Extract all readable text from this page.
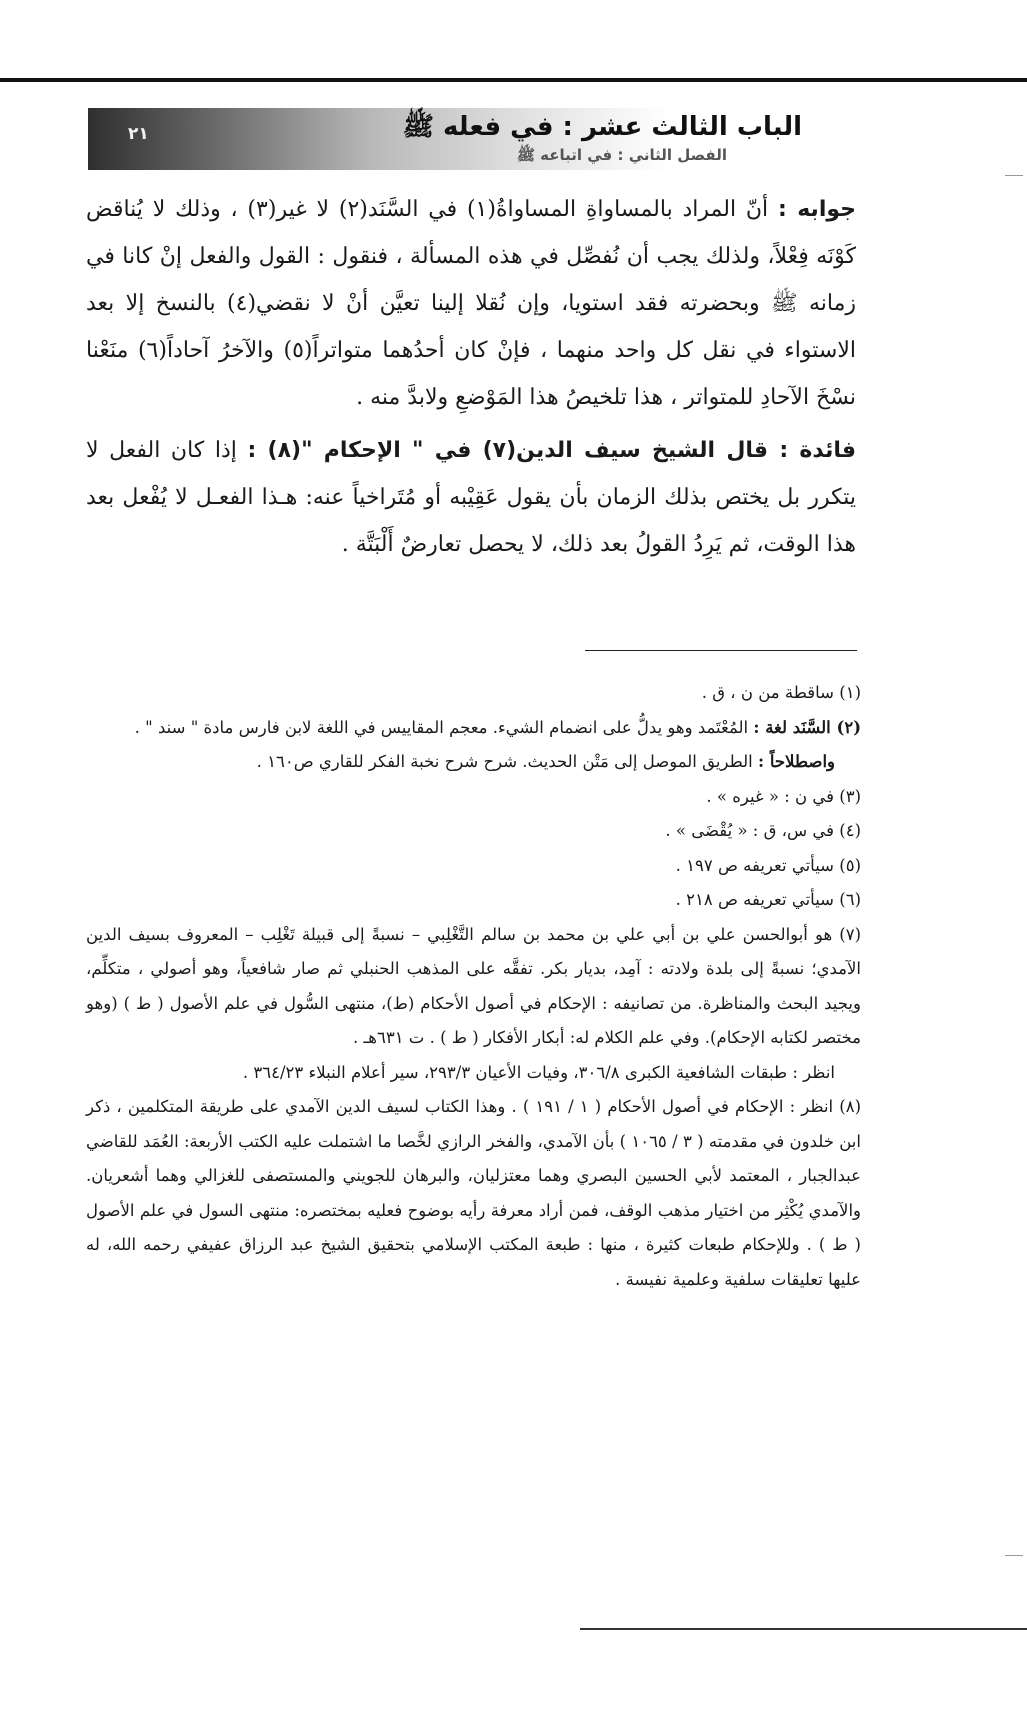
الباب الثالث عشر : في فعله ﷺ
الفصل الثاني : في اتباعه ﷺ
٢١

جوابه : أنّ المراد بالمساواةِ المساواةُ(١) في السَّنَد(٢) لا غير(٣) ، وذلك لا يُناقض كَوْنَه فِعْلاً، ولذلك يجب أن نُفصِّل في هذه المسألة ، فنقول : القول والفعل إنْ كانا في زمانه ﷺ وبحضرته فقد استويا، وإن نُقلا إلينا تعيَّن أنْ لا نقضي(٤) بالنسخ إلا بعد الاستواء في نقل كل واحد منهما ، فإنْ كان أحدُهما متواتراً(٥) والآخرُ آحاداً(٦) منَعْنا نسْخَ الآحادِ للمتواتر ، هذا تلخيصُ هذا المَوْضعِ ولابدَّ منه .

فائدة : قال الشيخ سيف الدين(٧) في " الإحكام "(٨) : إذا كان الفعل لا يتكرر بل يختص بذلك الزمان بأن يقول عَقِيْبه أو مُتَراخياً عنه: هـذا الفعـل لا يُفْعل بعد هذا الوقت، ثم يَرِدُ القولُ بعد ذلك، لا يحصل تعارضٌ أَلْبَتَّة .

(١) ساقطة من ن ، ق .

(٢) السَّنَد لغة : المُعْتَمد وهو يدلُّ على انضمام الشيء. معجم المقاييس في اللغة لابن فارس مادة " سند " .

واصطلاحاً : الطريق الموصل إلى مَتْن الحديث. شرح شرح نخبة الفكر للقاري ص١٦٠ .

(٣) في ن : « غيره » .

(٤) في س، ق : « يُقْضَى » .

(٥) سيأتي تعريفه ص ١٩٧ .

(٦) سيأتي تعريفه ص ٢١٨ .

(٧) هو أبوالحسن علي بن أبي علي بن محمد بن سالم التَّغْلِبي – نسبةً إلى قبيلة تَغْلِب – المعروف بسيف الدين الآمدي؛ نسبةً إلى بلدة ولادته : آمِد، بديار بكر. تفقَّه على المذهب الحنبلي ثم صار شافعياً، وهو أصولي ، متكلِّم، ويجيد البحث والمناظرة. من تصانيفه : الإحكام في أصول الأحكام (ط)، منتهى السُّول في علم الأصول ( ط ) (وهو مختصر لكتابه الإحكام). وفي علم الكلام له: أبكار الأفكار ( ط ) . ت ٦٣١هـ .

انظر : طبقات الشافعية الكبرى ٣٠٦/٨، وفيات الأعيان ٢٩٣/٣، سير أعلام النبلاء ٣٦٤/٢٣ .

(٨) انظر : الإحكام في أصول الأحكام ( ١ / ١٩١ ) . وهذا الكتاب لسيف الدين الآمدي على طريقة المتكلمين ، ذكر ابن خلدون في مقدمته ( ٣ / ١٠٦٥ ) بأن الآمدي، والفخر الرازي لخَّصا ما اشتملت عليه الكتب الأربعة: العُمَد للقاضي عبدالجبار ، المعتمد لأبي الحسين البصري وهما معتزليان، والبرهان للجويني والمستصفى للغزالي وهما أشعريان. والآمدي يُكْثِر من اختيار مذهب الوقف، فمن أراد معرفة رأيه بوضوح فعليه بمختصره: منتهى السول في علم الأصول ( ط ) . وللإحكام طبعات كثيرة ، منها : طبعة المكتب الإسلامي بتحقيق الشيخ عبد الرزاق عفيفي رحمه الله، له عليها تعليقات سلفية وعلمية نفيسة .
